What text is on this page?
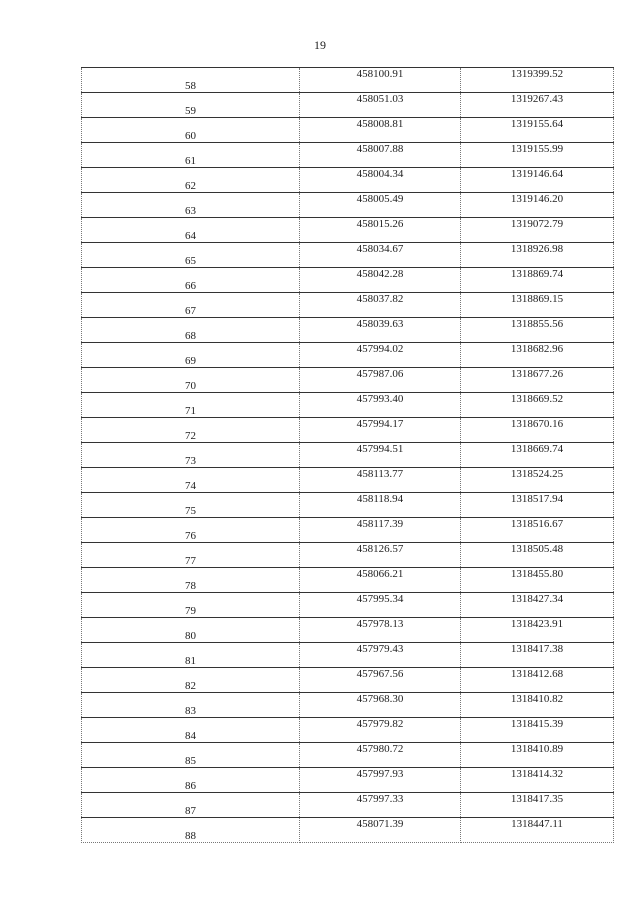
19
58	458100.91	1319399.52
59	458051.03	1319267.43
60	458008.81	1319155.64
61	458007.88	1319155.99
62	458004.34	1319146.64
63	458005.49	1319146.20
64	458015.26	1319072.79
65	458034.67	1318926.98
66	458042.28	1318869.74
67	458037.82	1318869.15
68	458039.63	1318855.56
69	457994.02	1318682.96
70	457987.06	1318677.26
71	457993.40	1318669.52
72	457994.17	1318670.16
73	457994.51	1318669.74
74	458113.77	1318524.25
75	458118.94	1318517.94
76	458117.39	1318516.67
77	458126.57	1318505.48
78	458066.21	1318455.80
79	457995.34	1318427.34
80	457978.13	1318423.91
81	457979.43	1318417.38
82	457967.56	1318412.68
83	457968.30	1318410.82
84	457979.82	1318415.39
85	457980.72	1318410.89
86	457997.93	1318414.32
87	457997.33	1318417.35
88	458071.39	1318447.11
